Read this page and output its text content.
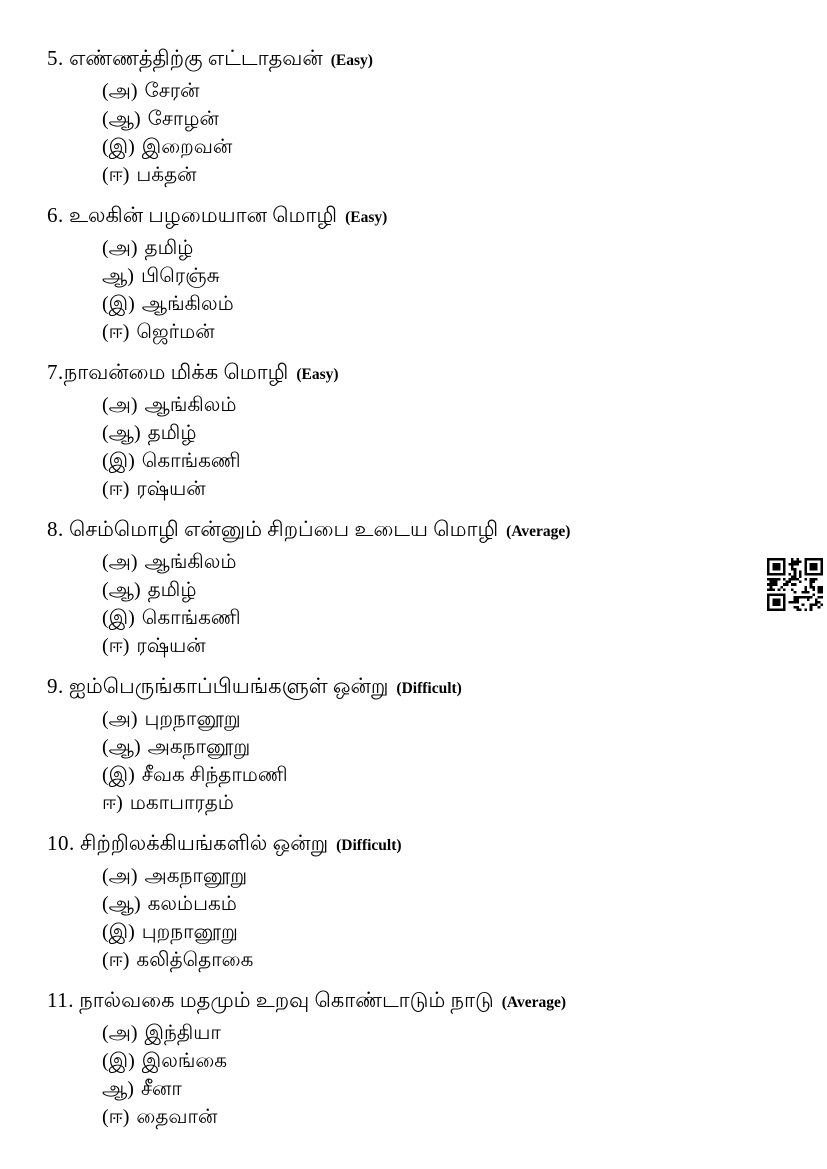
5. எண்ணத்திற்கு எட்டாதவன் (Easy)
(அ) சேரன்
(ஆ) சோழன்
(இ) இறைவன்
(ஈ) பக்தன்
6. உலகின் பழமையான மொழி (Easy)
(அ) தமிழ்
ஆ) பிரெஞ்சு
(இ) ஆங்கிலம்
(ஈ) ஜெர்மன்
7.நாவன்மை மிக்க மொழி (Easy)
(அ) ஆங்கிலம்
(ஆ) தமிழ்
(இ) கொங்கணி
(ஈ) ரஷ்யன்
8. செம்மொழி என்னும் சிறப்பை உடைய மொழி (Average)
(அ) ஆங்கிலம்
(ஆ) தமிழ்
(இ) கொங்கணி
(ஈ) ரஷ்யன்
9. ஐம்பெருங்காப்பியங்களுள் ஒன்று (Difficult)
(அ) புறநானூறு
(ஆ) அகநானூறு
(இ) சீவக சிந்தாமணி
ஈ) மகாபாரதம்
10. சிற்றிலக்கியங்களில் ஒன்று (Difficult)
(அ) அகநானூறு
(ஆ) கலம்பகம்
(இ) புறநானூறு
(ஈ) கலித்தொகை
11. நால்வகை மதமும் உறவு கொண்டாடும் நாடு (Average)
(அ) இந்தியா
(இ) இலங்கை
ஆ) சீனா
(ஈ) தைவான்
